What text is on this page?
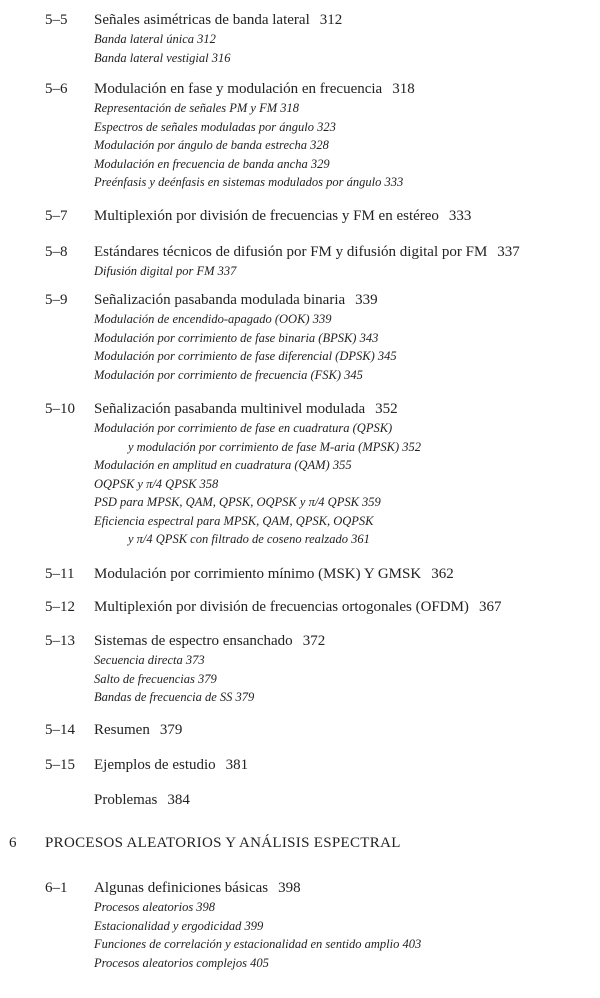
5–5 Señales asimétricas de banda lateral 312
Banda lateral única 312
Banda lateral vestigial 316
5–6 Modulación en fase y modulación en frecuencia 318
Representación de señales PM y FM 318
Espectros de señales moduladas por ángulo 323
Modulación por ángulo de banda estrecha 328
Modulación en frecuencia de banda ancha 329
Preénfasis y deénfasis en sistemas modulados por ángulo 333
5–7 Multiplexión por división de frecuencias y FM en estéreo 333
5–8 Estándares técnicos de difusión por FM y difusión digital por FM 337
Difusión digital por FM 337
5–9 Señalización pasabanda modulada binaria 339
Modulación de encendido-apagado (OOK) 339
Modulación por corrimiento de fase binaria (BPSK) 343
Modulación por corrimiento de fase diferencial (DPSK) 345
Modulación por corrimiento de frecuencia (FSK) 345
5–10 Señalización pasabanda multinivel modulada 352
Modulación por corrimiento de fase en cuadratura (QPSK)
y modulación por corrimiento de fase M-aria (MPSK) 352
Modulación en amplitud en cuadratura (QAM) 355
OQPSK y π/4 QPSK 358
PSD para MPSK, QAM, QPSK, OQPSK y π/4 QPSK 359
Eficiencia espectral para MPSK, QAM, QPSK, OQPSK
y π/4 QPSK con filtrado de coseno realzado 361
5–11 Modulación por corrimiento mínimo (MSK) Y GMSK 362
5–12 Multiplexión por división de frecuencias ortogonales (OFDM) 367
5–13 Sistemas de espectro ensanchado 372
Secuencia directa 373
Salto de frecuencias 379
Bandas de frecuencia de SS 379
5–14 Resumen 379
5–15 Ejemplos de estudio 381
Problemas 384
6 PROCESOS ALEATORIOS Y ANÁLISIS ESPECTRAL
6–1 Algunas definiciones básicas 398
Procesos aleatorios 398
Estacionalidad y ergodicidad 399
Funciones de correlación y estacionalidad en sentido amplio 403
Procesos aleatorios complejos 405
